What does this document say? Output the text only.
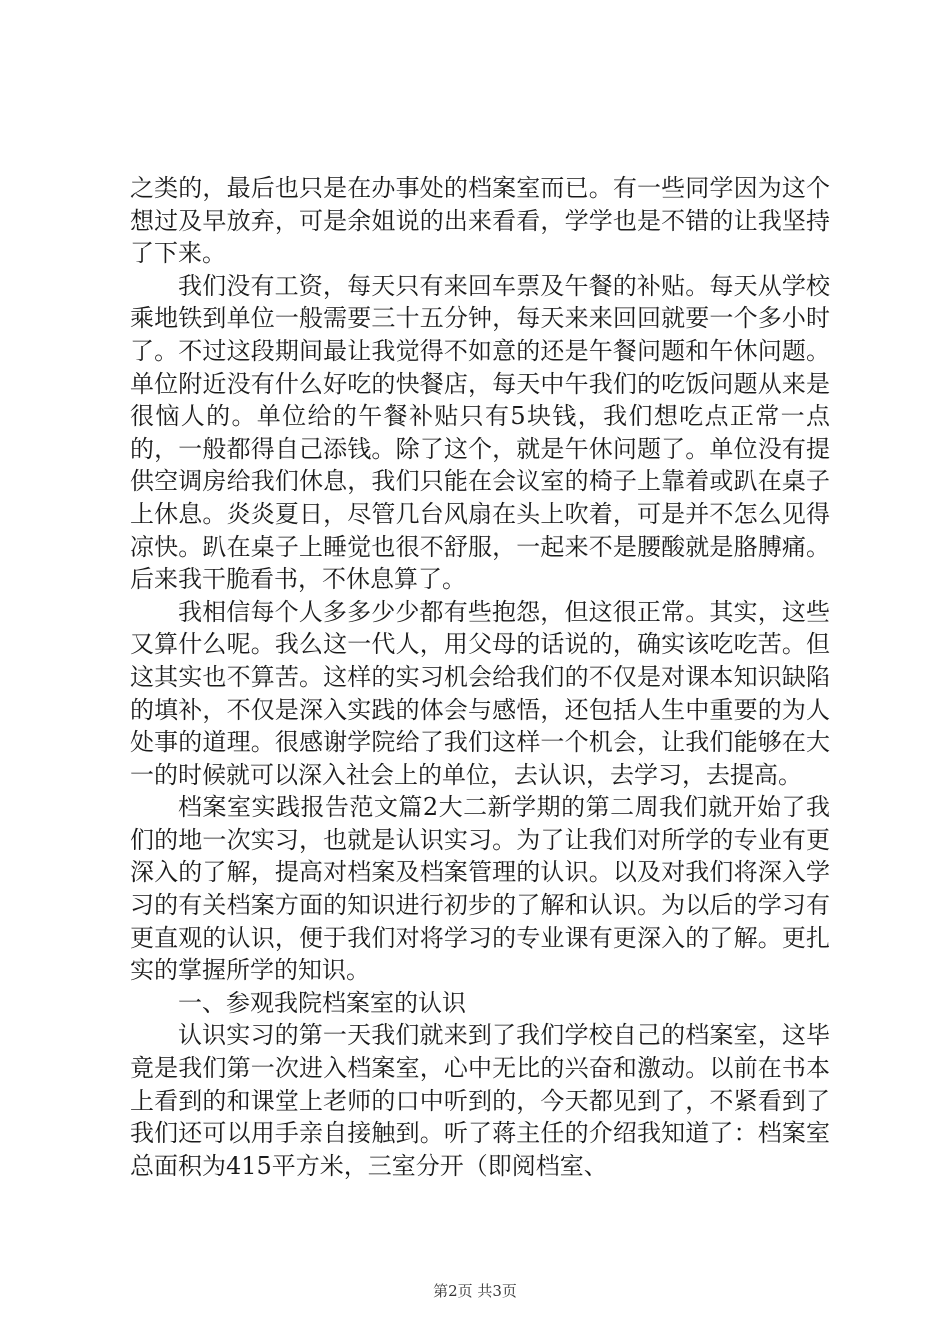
之类的，最后也只是在办事处的档案室而已。有一些同学因为这个想过及早放弃，可是余姐说的出来看看，学学也是不错的让我坚持了下来。

我们没有工资，每天只有来回车票及午餐的补贴。每天从学校乘地铁到单位一般需要三十五分钟，每天来来回回就要一个多小时了。不过这段期间最让我觉得不如意的还是午餐问题和午休问题。单位附近没有什么好吃的快餐店，每天中午我们的吃饭问题从来是很恼人的。单位给的午餐补贴只有5块钱，我们想吃点正常一点的，一般都得自己添钱。除了这个，就是午休问题了。单位没有提供空调房给我们休息，我们只能在会议室的椅子上靠着或趴在桌子上休息。炎炎夏日，尽管几台风扇在头上吹着，可是并不怎么见得凉快。趴在桌子上睡觉也很不舒服，一起来不是腰酸就是胳膊痛。后来我干脆看书，不休息算了。

我相信每个人多多少少都有些抱怨，但这很正常。其实，这些又算什么呢。我么这一代人，用父母的话说的，确实该吃吃苦。但这其实也不算苦。这样的实习机会给我们的不仅是对课本知识缺陷的填补，不仅是深入实践的体会与感悟，还包括人生中重要的为人处事的道理。很感谢学院给了我们这样一个机会，让我们能够在大一的时候就可以深入社会上的单位，去认识，去学习，去提高。

档案室实践报告范文篇2大二新学期的第二周我们就开始了我们的地一次实习，也就是认识实习。为了让我们对所学的专业有更深入的了解，提高对档案及档案管理的认识。以及对我们将深入学习的有关档案方面的知识进行初步的了解和认识。为以后的学习有更直观的认识，便于我们对将学习的专业课有更深入的了解。更扎实的掌握所学的知识。

一、参观我院档案室的认识

认识实习的第一天我们就来到了我们学校自己的档案室，这毕竟是我们第一次进入档案室，心中无比的兴奋和激动。以前在书本上看到的和课堂上老师的口中听到的，今天都见到了，不紧看到了我们还可以用手亲自接触到。听了蒋主任的介绍我知道了：档案室总面积为415平方米，三室分开（即阅档室、

第2页 共3页
